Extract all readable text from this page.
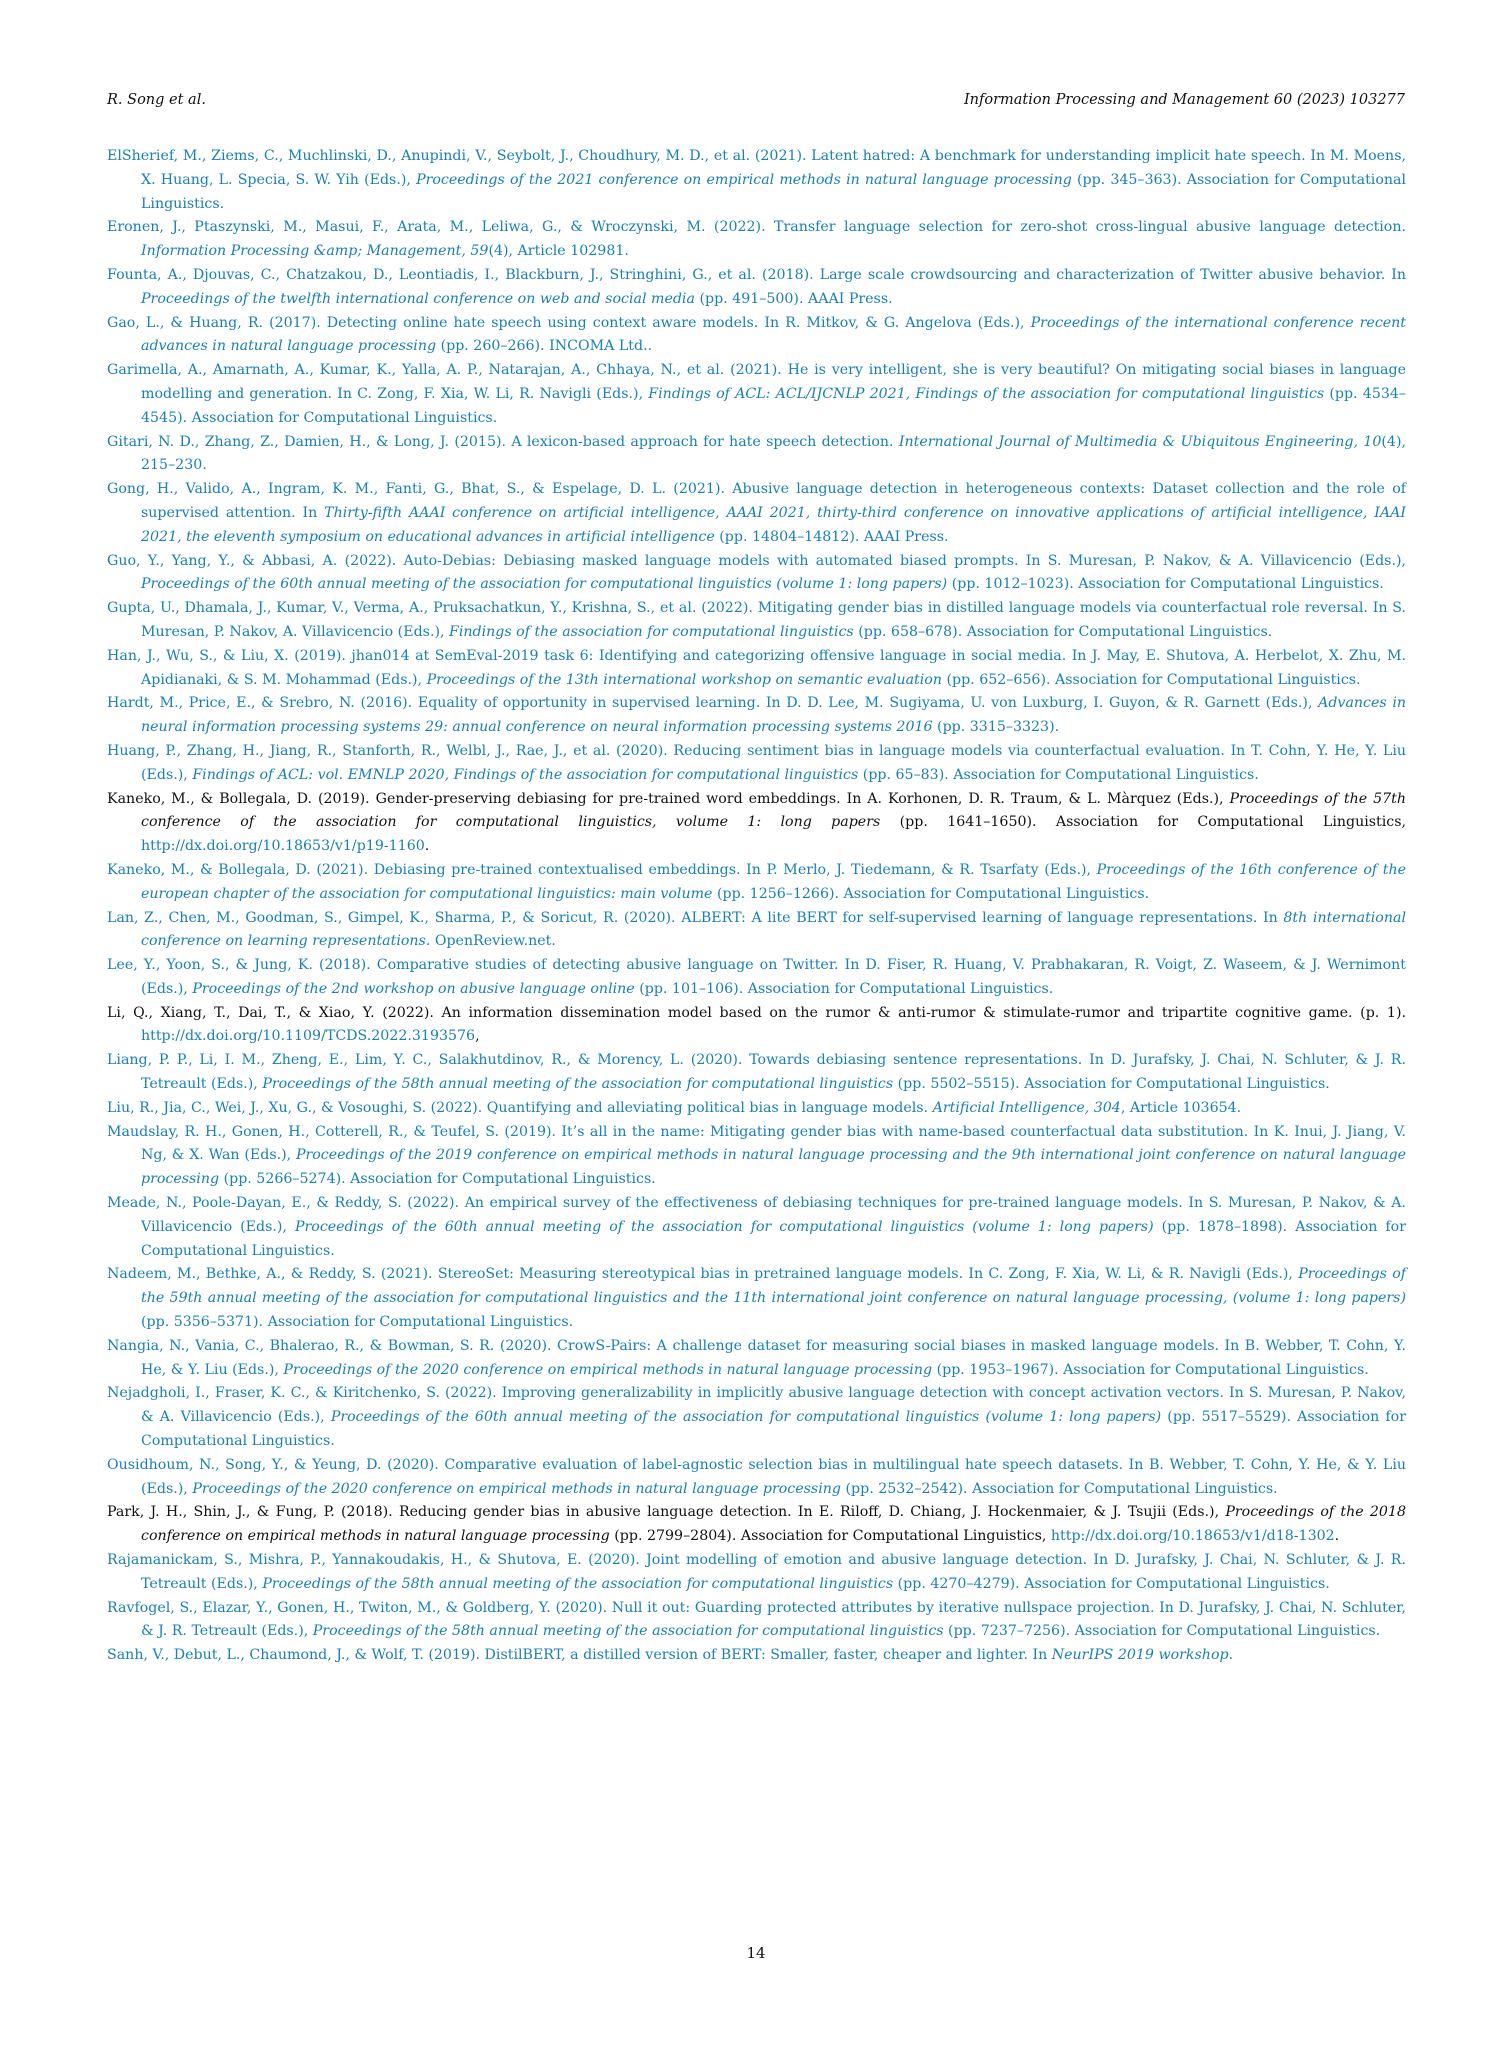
R. Song et al.	Information Processing and Management 60 (2023) 103277

ElSherief, M., Ziems, C., Muchlinski, D., Anupindi, V., Seybolt, J., Choudhury, M. D., et al. (2021). Latent hatred: A benchmark for understanding implicit hate speech. In M. Moens, X. Huang, L. Specia, S. W. Yih (Eds.), Proceedings of the 2021 conference on empirical methods in natural language processing (pp. 345–363). Association for Computational Linguistics.

Eronen, J., Ptaszynski, M., Masui, F., Arata, M., Leliwa, G., & Wroczynski, M. (2022). Transfer language selection for zero-shot cross-lingual abusive language detection. Information Processing &amp; Management, 59(4), Article 102981.

Founta, A., Djouvas, C., Chatzakou, D., Leontiadis, I., Blackburn, J., Stringhini, G., et al. (2018). Large scale crowdsourcing and characterization of Twitter abusive behavior. In Proceedings of the twelfth international conference on web and social media (pp. 491–500). AAAI Press.

Gao, L., & Huang, R. (2017). Detecting online hate speech using context aware models. In R. Mitkov, & G. Angelova (Eds.), Proceedings of the international conference recent advances in natural language processing (pp. 260–266). INCOMA Ltd..

Garimella, A., Amarnath, A., Kumar, K., Yalla, A. P., Natarajan, A., Chhaya, N., et al. (2021). He is very intelligent, she is very beautiful? On mitigating social biases in language modelling and generation. In C. Zong, F. Xia, W. Li, R. Navigli (Eds.), Findings of ACL: ACL/IJCNLP 2021, Findings of the association for computational linguistics (pp. 4534–4545). Association for Computational Linguistics.

Gitari, N. D., Zhang, Z., Damien, H., & Long, J. (2015). A lexicon-based approach for hate speech detection. International Journal of Multimedia & Ubiquitous Engineering, 10(4), 215–230.

Gong, H., Valido, A., Ingram, K. M., Fanti, G., Bhat, S., & Espelage, D. L. (2021). Abusive language detection in heterogeneous contexts: Dataset collection and the role of supervised attention. In Thirty-fifth AAAI conference on artificial intelligence, AAAI 2021, thirty-third conference on innovative applications of artificial intelligence, IAAI 2021, the eleventh symposium on educational advances in artificial intelligence (pp. 14804–14812). AAAI Press.

Guo, Y., Yang, Y., & Abbasi, A. (2022). Auto-Debias: Debiasing masked language models with automated biased prompts. In S. Muresan, P. Nakov, & A. Villavicencio (Eds.), Proceedings of the 60th annual meeting of the association for computational linguistics (volume 1: long papers) (pp. 1012–1023). Association for Computational Linguistics.

Gupta, U., Dhamala, J., Kumar, V., Verma, A., Pruksachatkun, Y., Krishna, S., et al. (2022). Mitigating gender bias in distilled language models via counterfactual role reversal. In S. Muresan, P. Nakov, A. Villavicencio (Eds.), Findings of the association for computational linguistics (pp. 658–678). Association for Computational Linguistics.

Han, J., Wu, S., & Liu, X. (2019). jhan014 at SemEval-2019 task 6: Identifying and categorizing offensive language in social media. In J. May, E. Shutova, A. Herbelot, X. Zhu, M. Apidianaki, & S. M. Mohammad (Eds.), Proceedings of the 13th international workshop on semantic evaluation (pp. 652–656). Association for Computational Linguistics.

Hardt, M., Price, E., & Srebro, N. (2016). Equality of opportunity in supervised learning. In D. D. Lee, M. Sugiyama, U. von Luxburg, I. Guyon, & R. Garnett (Eds.), Advances in neural information processing systems 29: annual conference on neural information processing systems 2016 (pp. 3315–3323).

Huang, P., Zhang, H., Jiang, R., Stanforth, R., Welbl, J., Rae, J., et al. (2020). Reducing sentiment bias in language models via counterfactual evaluation. In T. Cohn, Y. He, Y. Liu (Eds.), Findings of ACL: vol. EMNLP 2020, Findings of the association for computational linguistics (pp. 65–83). Association for Computational Linguistics.

Kaneko, M., & Bollegala, D. (2019). Gender-preserving debiasing for pre-trained word embeddings. In A. Korhonen, D. R. Traum, & L. Màrquez (Eds.), Proceedings of the 57th conference of the association for computational linguistics, volume 1: long papers (pp. 1641–1650). Association for Computational Linguistics, http://dx.doi.org/10.18653/v1/p19-1160.

Kaneko, M., & Bollegala, D. (2021). Debiasing pre-trained contextualised embeddings. In P. Merlo, J. Tiedemann, & R. Tsarfaty (Eds.), Proceedings of the 16th conference of the european chapter of the association for computational linguistics: main volume (pp. 1256–1266). Association for Computational Linguistics.

Lan, Z., Chen, M., Goodman, S., Gimpel, K., Sharma, P., & Soricut, R. (2020). ALBERT: A lite BERT for self-supervised learning of language representations. In 8th international conference on learning representations. OpenReview.net.

Lee, Y., Yoon, S., & Jung, K. (2018). Comparative studies of detecting abusive language on Twitter. In D. Fiser, R. Huang, V. Prabhakaran, R. Voigt, Z. Waseem, & J. Wernimont (Eds.), Proceedings of the 2nd workshop on abusive language online (pp. 101–106). Association for Computational Linguistics.

Li, Q., Xiang, T., Dai, T., & Xiao, Y. (2022). An information dissemination model based on the rumor & anti-rumor & stimulate-rumor and tripartite cognitive game. (p. 1). http://dx.doi.org/10.1109/TCDS.2022.3193576,

Liang, P. P., Li, I. M., Zheng, E., Lim, Y. C., Salakhutdinov, R., & Morency, L. (2020). Towards debiasing sentence representations. In D. Jurafsky, J. Chai, N. Schluter, & J. R. Tetreault (Eds.), Proceedings of the 58th annual meeting of the association for computational linguistics (pp. 5502–5515). Association for Computational Linguistics.

Liu, R., Jia, C., Wei, J., Xu, G., & Vosoughi, S. (2022). Quantifying and alleviating political bias in language models. Artificial Intelligence, 304, Article 103654.

Maudslay, R. H., Gonen, H., Cotterell, R., & Teufel, S. (2019). It’s all in the name: Mitigating gender bias with name-based counterfactual data substitution. In K. Inui, J. Jiang, V. Ng, & X. Wan (Eds.), Proceedings of the 2019 conference on empirical methods in natural language processing and the 9th international joint conference on natural language processing (pp. 5266–5274). Association for Computational Linguistics.

Meade, N., Poole-Dayan, E., & Reddy, S. (2022). An empirical survey of the effectiveness of debiasing techniques for pre-trained language models. In S. Muresan, P. Nakov, & A. Villavicencio (Eds.), Proceedings of the 60th annual meeting of the association for computational linguistics (volume 1: long papers) (pp. 1878–1898). Association for Computational Linguistics.

Nadeem, M., Bethke, A., & Reddy, S. (2021). StereoSet: Measuring stereotypical bias in pretrained language models. In C. Zong, F. Xia, W. Li, & R. Navigli (Eds.), Proceedings of the 59th annual meeting of the association for computational linguistics and the 11th international joint conference on natural language processing, (volume 1: long papers) (pp. 5356–5371). Association for Computational Linguistics.

Nangia, N., Vania, C., Bhalerao, R., & Bowman, S. R. (2020). CrowS-Pairs: A challenge dataset for measuring social biases in masked language models. In B. Webber, T. Cohn, Y. He, & Y. Liu (Eds.), Proceedings of the 2020 conference on empirical methods in natural language processing (pp. 1953–1967). Association for Computational Linguistics.

Nejadgholi, I., Fraser, K. C., & Kiritchenko, S. (2022). Improving generalizability in implicitly abusive language detection with concept activation vectors. In S. Muresan, P. Nakov, & A. Villavicencio (Eds.), Proceedings of the 60th annual meeting of the association for computational linguistics (volume 1: long papers) (pp. 5517–5529). Association for Computational Linguistics.

Ousidhoum, N., Song, Y., & Yeung, D. (2020). Comparative evaluation of label-agnostic selection bias in multilingual hate speech datasets. In B. Webber, T. Cohn, Y. He, & Y. Liu (Eds.), Proceedings of the 2020 conference on empirical methods in natural language processing (pp. 2532–2542). Association for Computational Linguistics.

Park, J. H., Shin, J., & Fung, P. (2018). Reducing gender bias in abusive language detection. In E. Riloff, D. Chiang, J. Hockenmaier, & J. Tsujii (Eds.), Proceedings of the 2018 conference on empirical methods in natural language processing (pp. 2799–2804). Association for Computational Linguistics, http://dx.doi.org/10.18653/v1/d18-1302.

Rajamanickam, S., Mishra, P., Yannakoudakis, H., & Shutova, E. (2020). Joint modelling of emotion and abusive language detection. In D. Jurafsky, J. Chai, N. Schluter, & J. R. Tetreault (Eds.), Proceedings of the 58th annual meeting of the association for computational linguistics (pp. 4270–4279). Association for Computational Linguistics.

Ravfogel, S., Elazar, Y., Gonen, H., Twiton, M., & Goldberg, Y. (2020). Null it out: Guarding protected attributes by iterative nullspace projection. In D. Jurafsky, J. Chai, N. Schluter, & J. R. Tetreault (Eds.), Proceedings of the 58th annual meeting of the association for computational linguistics (pp. 7237–7256). Association for Computational Linguistics.

Sanh, V., Debut, L., Chaumond, J., & Wolf, T. (2019). DistilBERT, a distilled version of BERT: Smaller, faster, cheaper and lighter. In NeurIPS 2019 workshop.

14
